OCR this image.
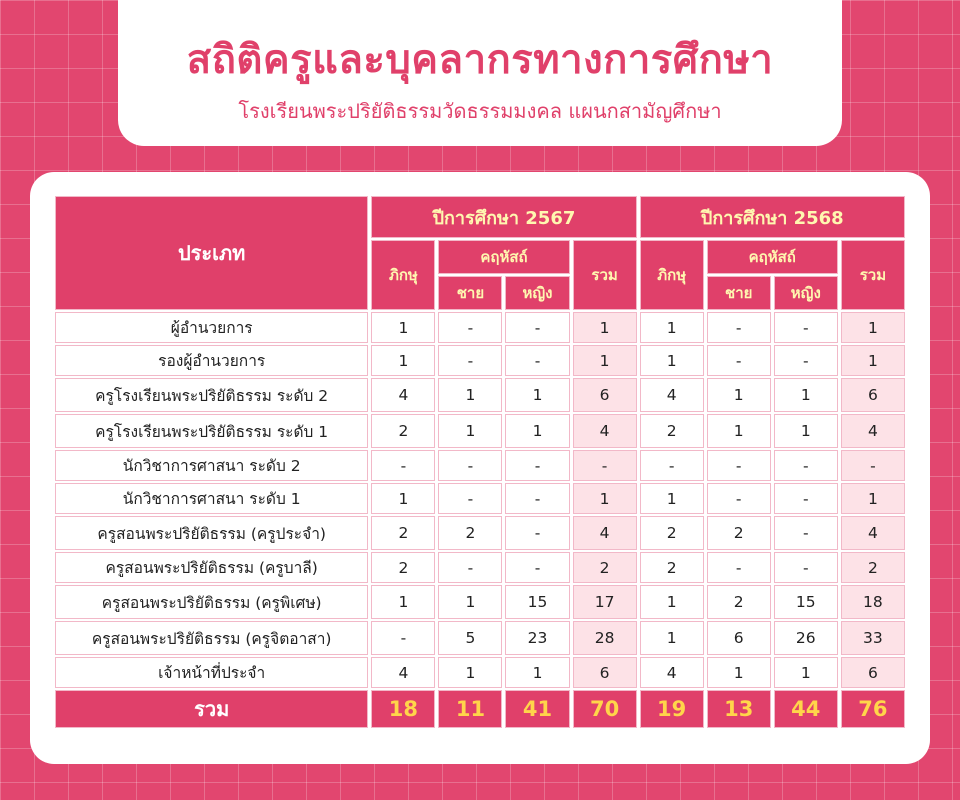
สถิติครูและบุคลากรทางการศึกษา
โรงเรียนพระปริยัติธรรมวัดธรรมมงคล แผนกสามัญศึกษา
ประเภท	ปีการศึกษา 2567				ปีการศึกษา 2568			
	ภิกษุ	คฤหัสถ์		รวม	ภิกษุ	คฤหัสถ์		รวม
		ชาย	หญิง			ชาย	หญิง	
ผู้อำนวยการ	1	-	-	1	1	-	-	1
รองผู้อำนวยการ	1	-	-	1	1	-	-	1
ครูโรงเรียนพระปริยัติธรรม ระดับ 2	4	1	1	6	4	1	1	6
ครูโรงเรียนพระปริยัติธรรม ระดับ 1	2	1	1	4	2	1	1	4
นักวิชาการศาสนา ระดับ 2	-	-	-	-	-	-	-	-
นักวิชาการศาสนา ระดับ 1	1	-	-	1	1	-	-	1
ครูสอนพระปริยัติธรรม (ครูประจำ)	2	2	-	4	2	2	-	4
ครูสอนพระปริยัติธรรม (ครูบาลี)	2	-	-	2	2	-	-	2
ครูสอนพระปริยัติธรรม (ครูพิเศษ)	1	1	15	17	1	2	15	18
ครูสอนพระปริยัติธรรม (ครูจิตอาสา)	-	5	23	28	1	6	26	33
เจ้าหน้าที่ประจำ	4	1	1	6	4	1	1	6
รวม	18	11	41	70	19	13	44	76
